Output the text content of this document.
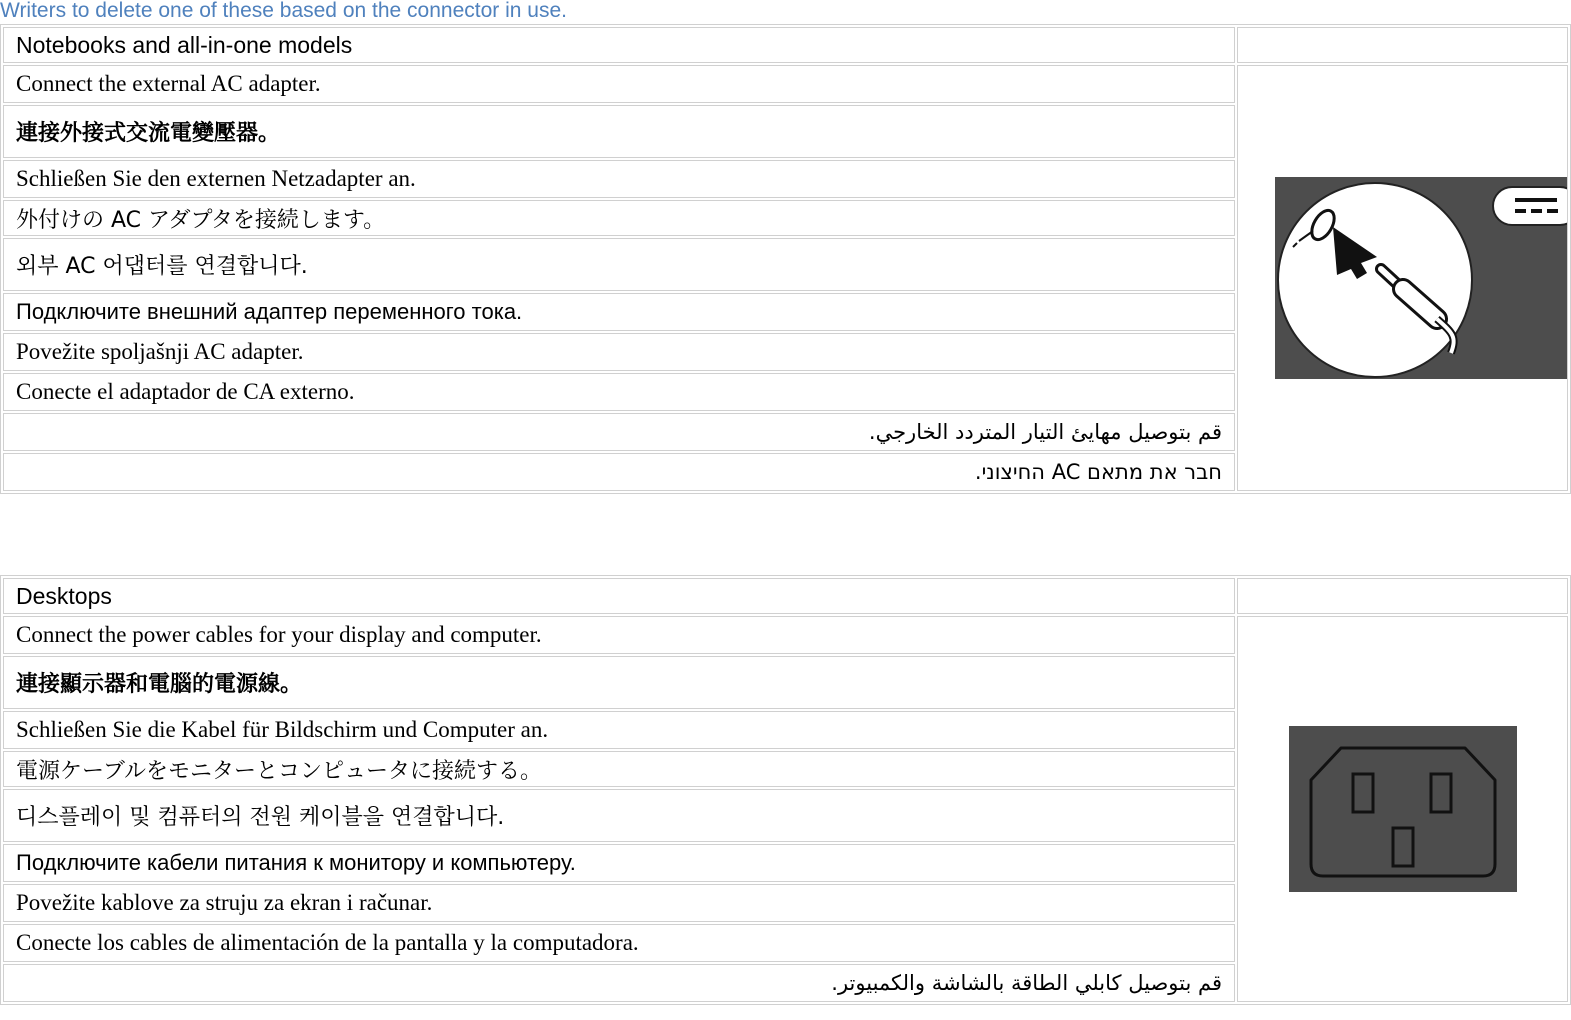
Writers to delete one of these based on the connector in use.
Notebooks and all-in-one models	
Connect the external AC adapter.	

連接外接式交流電變壓器。	
Schließen Sie den externen Netzadapter an.	
外付けの AC アダプタを接続します。	
외부 AC 어댑터를 연결합니다.	
Подключите внешний адаптер переменного тока.	
Povežite spoljašnji AC adapter.	
Conecte el adaptador de CA externo.	
قم بتوصيل مهايئ التيار المتردد الخارجي.	
חבר את מתאם AC החיצוני.	
Desktops	
Connect the power cables for your display and computer.	

連接顯示器和電腦的電源線。	
Schließen Sie die Kabel für Bildschirm und Computer an.	
電源ケーブルをモニターとコンピュータに接続する。	
디스플레이 및 컴퓨터의 전원 케이블을 연결합니다.	
Подключите кабели питания к монитору и компьютеру.	
Povežite kablove za struju za ekran i računar.	
Conecte los cables de alimentación de la pantalla y la computadora.	
قم بتوصيل كابلي الطاقة بالشاشة والكمبيوتر.	
